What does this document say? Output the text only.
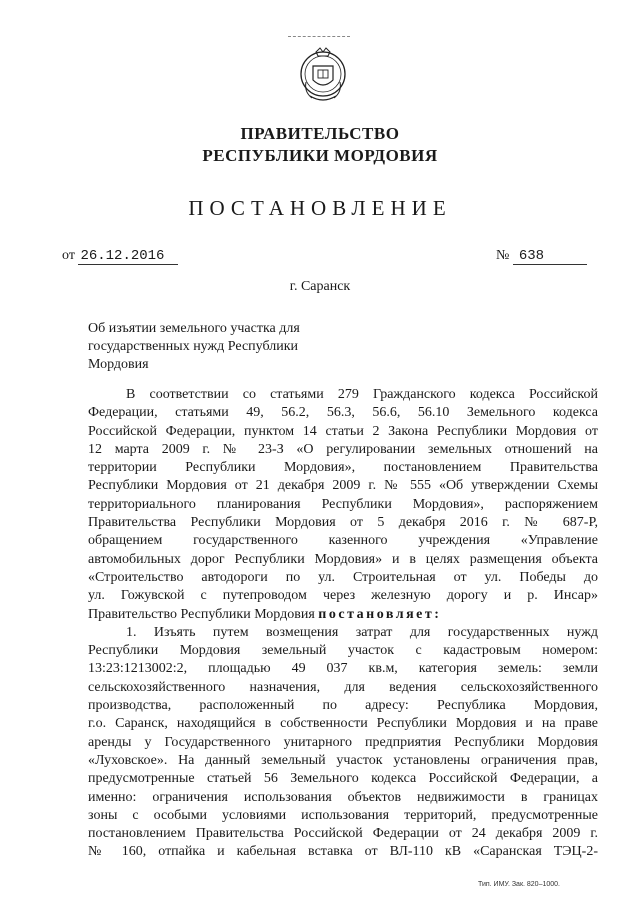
ПРАВИТЕЛЬСТВО
РЕСПУБЛИКИ МОРДОВИЯ
ПОСТАНОВЛЕНИЕ
от 26.12.2016	№ 638
г. Саранск
Об изъятии земельного участка для
государственных нужд Республики
Мордовия
В соответствии со статьями 279 Гражданского кодекса Российской
Федерации, статьями 49, 56.2, 56.3, 56.6, 56.10 Земельного кодекса
Российской Федерации, пунктом 14 статьи 2 Закона Республики Мордовия от
12 марта 2009 г. № 23-З «О регулировании земельных отношений на
территории Республики Мордовия», постановлением Правительства
Республики Мордовия от 21 декабря 2009 г. № 555 «Об утверждении Схемы
территориального планирования Республики Мордовия», распоряжением
Правительства Республики Мордовия от 5 декабря 2016 г. № 687-Р,
обращением государственного казенного учреждения «Управление
автомобильных дорог Республики Мордовия» и в целях размещения объекта
«Строительство автодороги по ул. Строительная от ул. Победы до
ул. Гожувской с путепроводом через железную дорогу и р. Инсар»
Правительство Республики Мордовия постановляет:
1. Изъять путем возмещения затрат для государственных нужд
Республики Мордовия земельный участок с кадастровым номером:
13:23:1213002:2, площадью 49 037 кв.м, категория земель: земли
сельскохозяйственного назначения, для ведения сельскохозяйственного
производства, расположенный по адресу: Республика Мордовия,
г.о. Саранск, находящийся в собственности Республики Мордовия и на праве
аренды у Государственного унитарного предприятия Республики Мордовия
«Луховское». На данный земельный участок установлены ограничения прав,
предусмотренные статьей 56 Земельного кодекса Российской Федерации, а
именно: ограничения использования объектов недвижимости в границах
зоны с особыми условиями использования территорий, предусмотренные
постановлением Правительства Российской Федерации от 24 декабря 2009 г.
№ 160, отпайка и кабельная вставка от ВЛ-110 кВ «Саранская ТЭЦ-2-
Тип. ИМУ. Зак. 820–1000.
